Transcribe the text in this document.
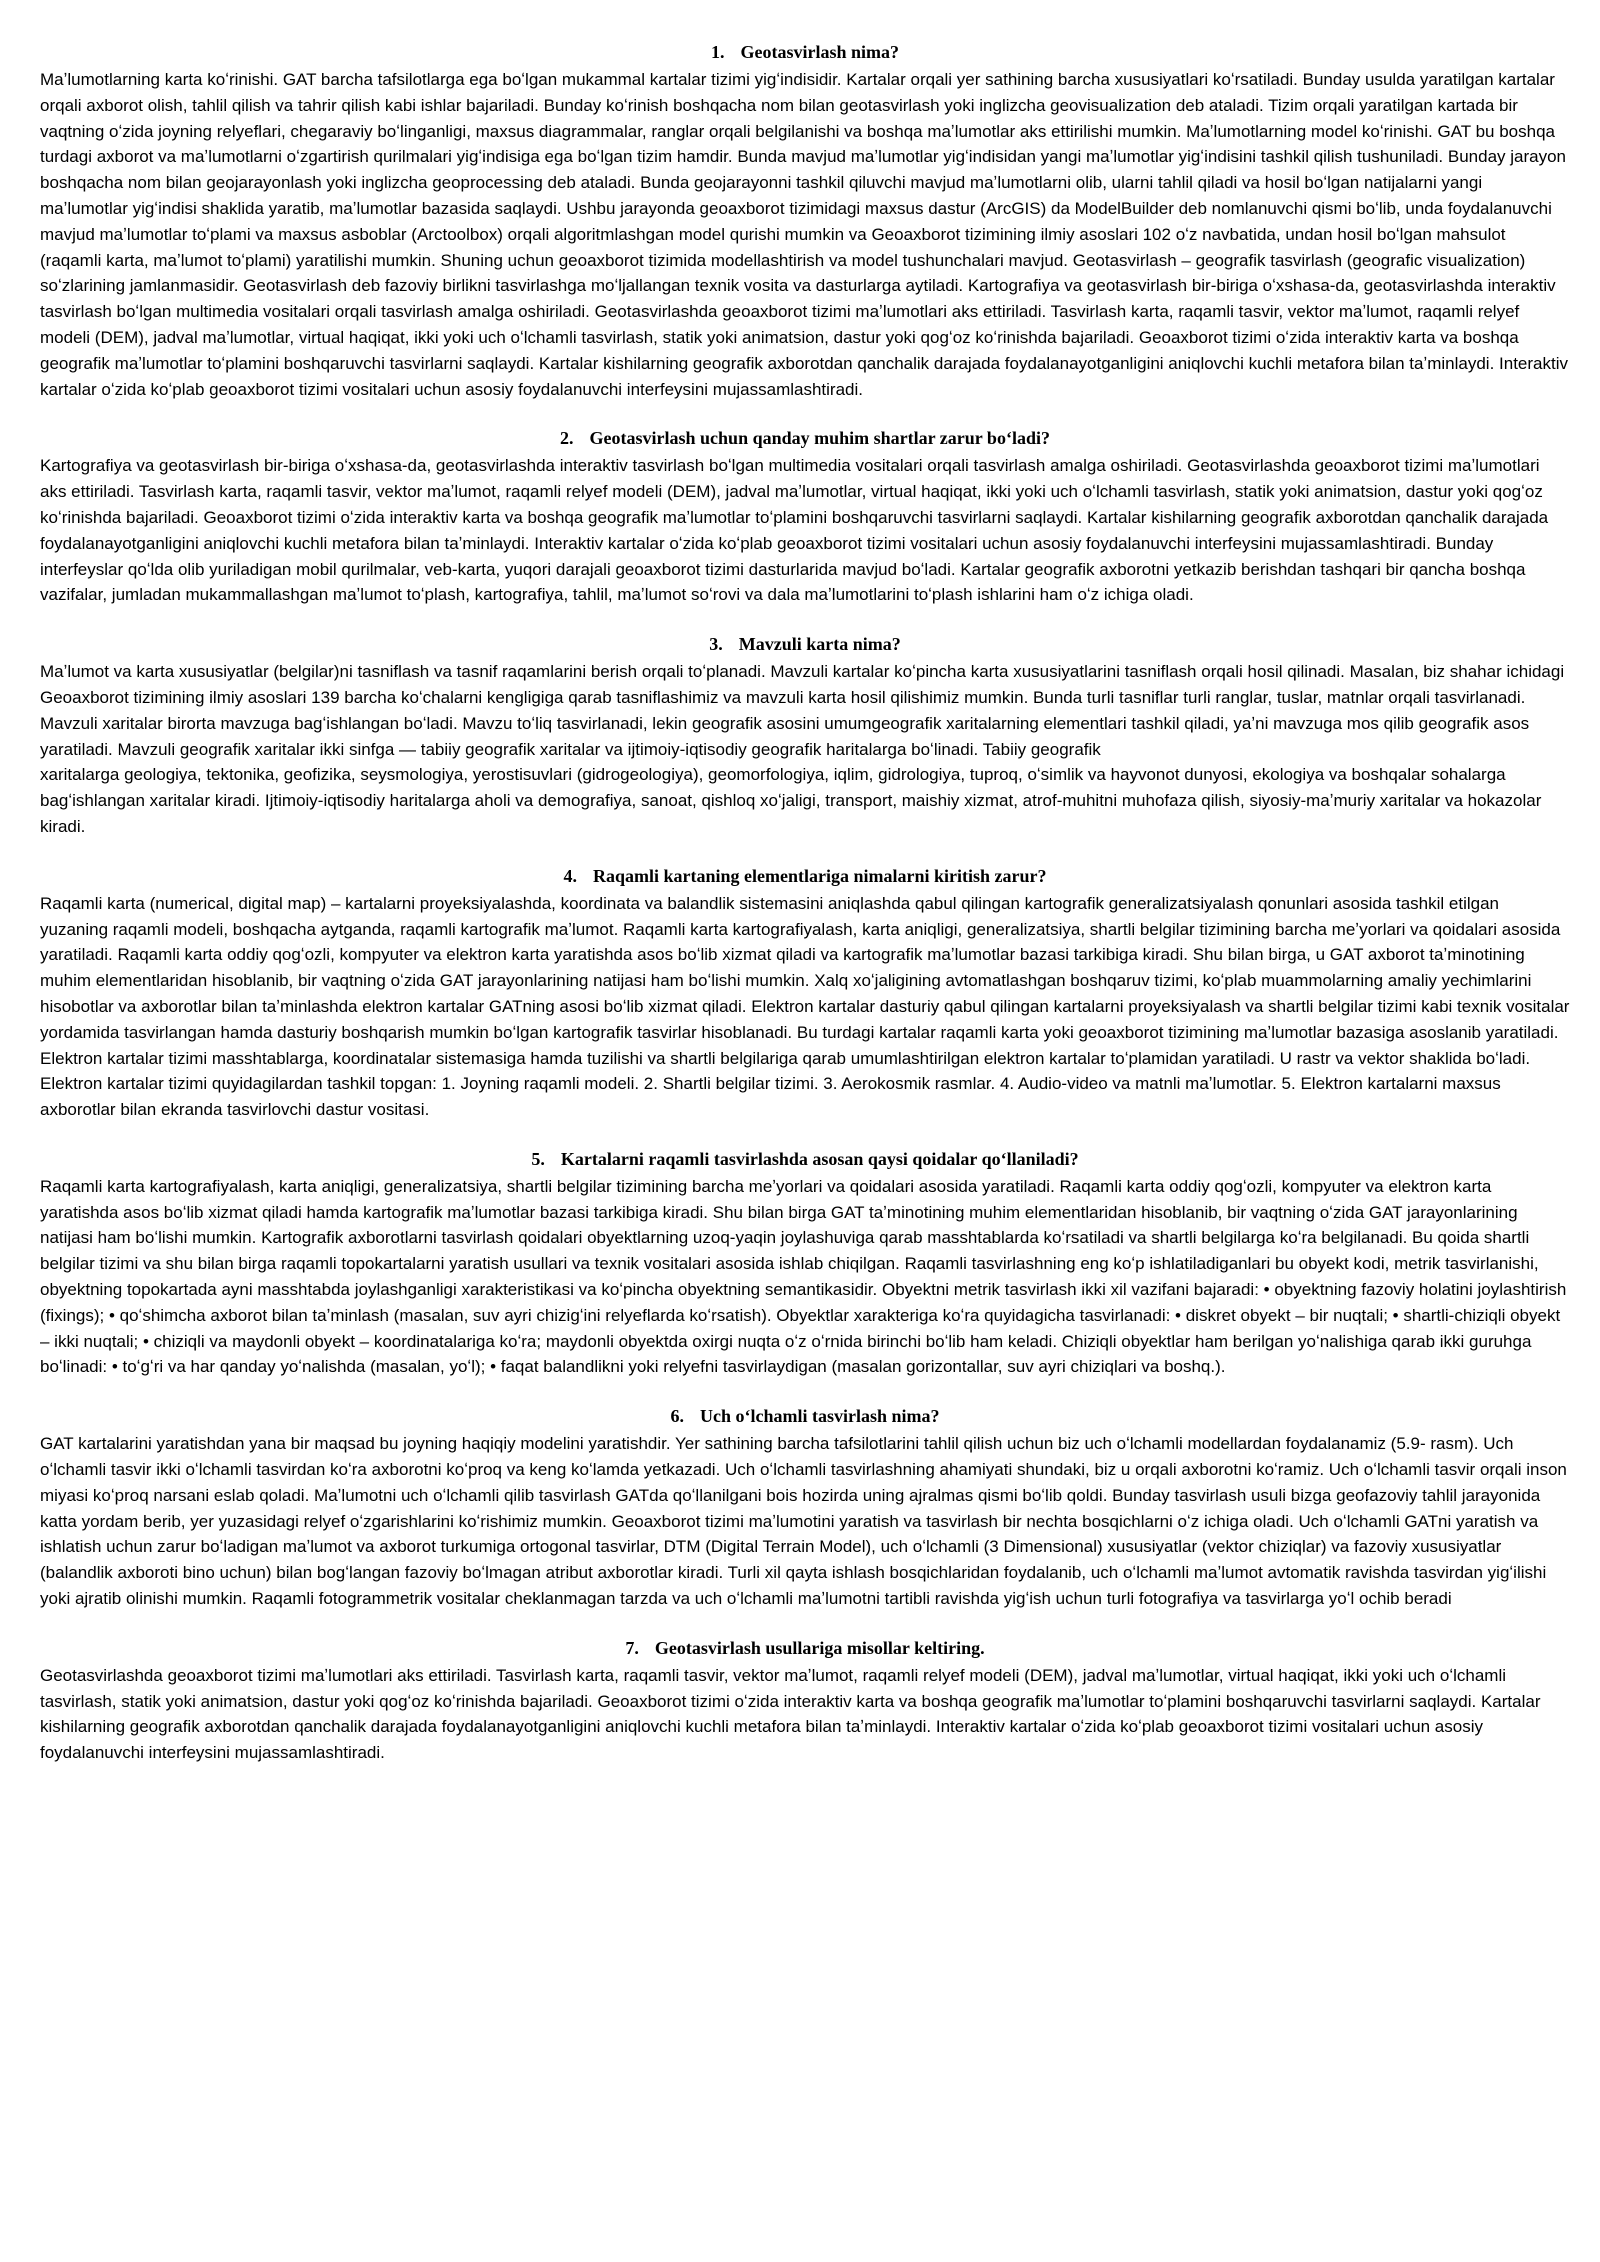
1. Geotasvirlash nima?

Maʼlumotlarning karta koʻrinishi. GAT barcha tafsilotlarga ega boʻlgan mukammal kartalar tizimi yigʻindisidir. Kartalar orqali yer sathining barcha xususiyatlari koʻrsatiladi. Bunday usulda yaratilgan kartalar orqali axborot olish, tahlil qilish va tahrir qilish kabi ishlar bajariladi. Bunday koʻrinish boshqacha nom bilan geotasvirlash yoki inglizcha geovisualization deb ataladi. Tizim orqali yaratilgan kartada bir vaqtning oʻzida joyning relyeflari, chegaraviy boʻlinganligi, maxsus diagrammalar, ranglar orqali belgilanishi va boshqa maʼlumotlar aks ettirilishi mumkin. Maʼlumotlarning model koʻrinishi. GAT bu boshqa turdagi axborot va maʼlumotlarni oʻzgartirish qurilmalari yigʻindisiga ega boʻlgan tizim hamdir. Bunda mavjud maʼlumotlar yigʻindisidan yangi maʼlumotlar yigʻindisini tashkil qilish tushuniladi. Bunday jarayon boshqacha nom bilan geojarayonlash yoki inglizcha geoprocessing deb ataladi. Bunda geojarayonni tashkil qiluvchi mavjud maʼlumotlarni olib, ularni tahlil qiladi va hosil boʻlgan natijalarni yangi maʼlumotlar yigʻindisi shaklida yaratib, maʼlumotlar bazasida saqlaydi. Ushbu jarayonda geoaxborot tizimidagi maxsus dastur (ArcGIS) da ModelBuilder deb nomlanuvchi qismi boʻlib, unda foydalanuvchi mavjud maʼlumotlar toʻplami va maxsus asboblar (Arctoolbox) orqali algoritmlashgan model qurishi mumkin va Geoaxborot tizimining ilmiy asoslari 102 oʻz navbatida, undan hosil boʻlgan mahsulot (raqamli karta, maʼlumot toʻplami) yaratilishi mumkin. Shuning uchun geoaxborot tizimida modellashtirish va model tushunchalari mavjud. Geotasvirlash – geografik tasvirlash (geografic visualization) soʻzlarining jamlanmasidir. Geotasvirlash deb fazoviy birlikni tasvirlashga moʻljallangan texnik vosita va dasturlarga aytiladi. Kartografiya va geotasvirlash bir-biriga oʻxshasa-da, geotasvirlashda interaktiv tasvirlash boʻlgan multimedia vositalari orqali tasvirlash amalga oshiriladi. Geotasvirlashda geoaxborot tizimi maʼlumotlari aks ettiriladi. Tasvirlash karta, raqamli tasvir, vektor maʼlumot, raqamli relyef modeli (DEM), jadval maʼlumotlar, virtual haqiqat, ikki yoki uch oʻlchamli tasvirlash, statik yoki animatsion, dastur yoki qogʻoz koʻrinishda bajariladi. Geoaxborot tizimi oʻzida interaktiv karta va boshqa geografik maʼlumotlar toʻplamini boshqaruvchi tasvirlarni saqlaydi. Kartalar kishilarning geografik axborotdan qanchalik darajada foydalanayotganligini aniqlovchi kuchli metafora bilan taʼminlaydi. Interaktiv kartalar oʻzida koʻplab geoaxborot tizimi vositalari uchun asosiy foydalanuvchi interfeysini mujassamlashtiradi.

2. Geotasvirlash uchun qanday muhim shartlar zarur boʻladi?

Kartografiya va geotasvirlash bir-biriga oʻxshasa-da, geotasvirlashda interaktiv tasvirlash boʻlgan multimedia vositalari orqali tasvirlash amalga oshiriladi. Geotasvirlashda geoaxborot tizimi maʼlumotlari aks ettiriladi. Tasvirlash karta, raqamli tasvir, vektor maʼlumot, raqamli relyef modeli (DEM), jadval maʼlumotlar, virtual haqiqat, ikki yoki uch oʻlchamli tasvirlash, statik yoki animatsion, dastur yoki qogʻoz koʻrinishda bajariladi. Geoaxborot tizimi oʻzida interaktiv karta va boshqa geografik maʼlumotlar toʻplamini boshqaruvchi tasvirlarni saqlaydi. Kartalar kishilarning geografik axborotdan qanchalik darajada foydalanayotganligini aniqlovchi kuchli metafora bilan taʼminlaydi. Interaktiv kartalar oʻzida koʻplab geoaxborot tizimi vositalari uchun asosiy foydalanuvchi interfeysini mujassamlashtiradi. Bunday interfeyslar qoʻlda olib yuriladigan mobil qurilmalar, veb-karta, yuqori darajali geoaxborot tizimi dasturlarida mavjud boʻladi. Kartalar geografik axborotni yetkazib berishdan tashqari bir qancha boshqa vazifalar, jumladan mukammallashgan maʼlumot toʻplash, kartografiya, tahlil, maʼlumot soʻrovi va dala maʼlumotlarini toʻplash ishlarini ham oʻz ichiga oladi.

3. Mavzuli karta nima?

Maʼlumot va karta xususiyatlar (belgilar)ni tasniflash va tasnif raqamlarini berish orqali toʻplanadi. Mavzuli kartalar koʻpincha karta xususiyatlarini tasniflash orqali hosil qilinadi. Masalan, biz shahar ichidagi Geoaxborot tizimining ilmiy asoslari 139 barcha koʻchalarni kengligiga qarab tasniflashimiz va mavzuli karta hosil qilishimiz mumkin. Bunda turli tasniflar turli ranglar, tuslar, matnlar orqali tasvirlanadi. Mavzuli xaritalar birorta mavzuga bagʻishlangan boʻladi. Mavzu toʻliq tasvirlanadi, lekin geografik asosini umumgeografik xaritalarning elementlari tashkil qiladi, yaʼni mavzuga mos qilib geografik asos yaratiladi. Mavzuli geografik xaritalar ikki sinfga — tabiiy geografik xaritalar va ijtimoiy-iqtisodiy geografik haritalarga boʻlinadi. Tabiiy geografik
xaritalarga geologiya, tektonika, geofizika, seysmologiya, yerostisuvlari (gidrogeologiya), geomorfologiya, iqlim, gidrologiya, tuproq, oʻsimlik va hayvonot dunyosi, ekologiya va boshqalar sohalarga bagʻishlangan xaritalar kiradi. Ijtimoiy-iqtisodiy haritalarga aholi va demografiya, sanoat, qishloq xoʻjaligi, transport, maishiy xizmat, atrof-muhitni muhofaza qilish, siyosiy-maʼmuriy xaritalar va hokazolar kiradi.

4. Raqamli kartaning elementlariga nimalarni kiritish zarur?

Raqamli karta (numerical, digital map) – kartalarni proyeksiyalashda, koordinata va balandlik sistemasini aniqlashda qabul qilingan kartografik generalizatsiyalash qonunlari asosida tashkil etilgan yuzaning raqamli modeli, boshqacha aytganda, raqamli kartografik maʼlumot. Raqamli karta kartografiyalash, karta aniqligi, generalizatsiya, shartli belgilar tizimining barcha meʼyorlari va qoidalari asosida yaratiladi. Raqamli karta oddiy qogʻozli, kompyuter va elektron karta yaratishda asos boʻlib xizmat qiladi va kartografik maʼlumotlar bazasi tarkibiga kiradi. Shu bilan birga, u GAT axborot taʼminotining muhim elementlaridan hisoblanib, bir vaqtning oʻzida GAT jarayonlarining natijasi ham boʻlishi mumkin. Xalq xoʻjaligining avtomatlashgan boshqaruv tizimi, koʻplab muammolarning amaliy yechimlarini hisobotlar va axborotlar bilan taʼminlashda elektron kartalar GATning asosi boʻlib xizmat qiladi. Elektron kartalar dasturiy qabul qilingan kartalarni proyeksiyalash va shartli belgilar tizimi kabi texnik vositalar yordamida tasvirlangan hamda dasturiy boshqarish mumkin boʻlgan kartografik tasvirlar hisoblanadi. Bu turdagi kartalar raqamli karta yoki geoaxborot tizimining maʼlumotlar bazasiga asoslanib yaratiladi. Elektron kartalar tizimi masshtablarga, koordinatalar sistemasiga hamda tuzilishi va shartli belgilariga qarab umumlashtirilgan elektron kartalar toʻplamidan yaratiladi. U rastr va vektor shaklida boʻladi. Elektron kartalar tizimi quyidagilardan tashkil topgan: 1. Joyning raqamli modeli. 2. Shartli belgilar tizimi. 3. Aerokosmik rasmlar. 4. Audio-video va matnli maʼlumotlar. 5. Elektron kartalarni maxsus axborotlar bilan ekranda tasvirlovchi dastur vositasi.

5. Kartalarni raqamli tasvirlashda asosan qaysi qoidalar qoʻllaniladi?

Raqamli karta kartografiyalash, karta aniqligi, generalizatsiya, shartli belgilar tizimining barcha meʼyorlari va qoidalari asosida yaratiladi. Raqamli karta oddiy qogʻozli, kompyuter va elektron karta yaratishda asos boʻlib xizmat qiladi hamda kartografik maʼlumotlar bazasi tarkibiga kiradi. Shu bilan birga GAT taʼminotining muhim elementlaridan hisoblanib, bir vaqtning oʻzida GAT jarayonlarining natijasi ham boʻlishi mumkin. Kartografik axborotlarni tasvirlash qoidalari obyektlarning uzoq-yaqin joylashuviga qarab masshtablarda koʻrsatiladi va shartli belgilarga koʻra belgilanadi. Bu qoida shartli belgilar tizimi va shu bilan birga raqamli topokartalarni yaratish usullari va texnik vositalari asosida ishlab chiqilgan. Raqamli tasvirlashning eng koʻp ishlatiladiganlari bu obyekt kodi, metrik tasvirlanishi, obyektning topokartada ayni masshtabda joylashganligi xarakteristikasi va koʻpincha obyektning semantikasidir. Obyektni metrik tasvirlash ikki xil vazifani bajaradi: • obyektning fazoviy holatini joylashtirish (fixings); • qoʻshimcha axborot bilan taʼminlash (masalan, suv ayri chizigʻini relyeflarda koʻrsatish). Obyektlar xarakteriga koʻra quyidagicha tasvirlanadi: • diskret obyekt – bir nuqtali; • shartli-chiziqli obyekt – ikki nuqtali; • chiziqli va maydonli obyekt – koordinatalariga koʻra; maydonli obyektda oxirgi nuqta oʻz oʻrnida birinchi boʻlib ham keladi. Chiziqli obyektlar ham berilgan yoʻnalishiga qarab ikki guruhga boʻlinadi: • toʻgʻri va har qanday yoʻnalishda (masalan, yoʻl); • faqat balandlikni yoki relyefni tasvirlaydigan (masalan gorizontallar, suv ayri chiziqlari va boshq.).

6. Uch oʻlchamli tasvirlash nima?

GAT kartalarini yaratishdan yana bir maqsad bu joyning haqiqiy modelini yaratishdir. Yer sathining barcha tafsilotlarini tahlil qilish uchun biz uch oʻlchamli modellardan foydalanamiz (5.9- rasm). Uch oʻlchamli tasvir ikki oʻlchamli tasvirdan koʻra axborotni koʻproq va keng koʻlamda yetkazadi. Uch oʻlchamli tasvirlashning ahamiyati shundaki, biz u orqali axborotni koʻramiz. Uch oʻlchamli tasvir orqali inson miyasi koʻproq narsani eslab qoladi. Maʼlumotni uch oʻlchamli qilib tasvirlash GATda qoʻllanilgani bois hozirda uning ajralmas qismi boʻlib qoldi. Bunday tasvirlash usuli bizga geofazoviy tahlil jarayonida katta yordam berib, yer yuzasidagi relyef oʻzgarishlarini koʻrishimiz mumkin. Geoaxborot tizimi maʼlumotini yaratish va tasvirlash bir nechta bosqichlarni oʻz ichiga oladi. Uch oʻlchamli GATni yaratish va ishlatish uchun zarur boʻladigan maʼlumot va axborot turkumiga ortogonal tasvirlar, DTM (Digital Terrain Model), uch oʻlchamli (3 Dimensional) xususiyatlar (vektor chiziqlar) va fazoviy xususiyatlar (balandlik axboroti bino uchun) bilan bogʻlangan fazoviy boʻlmagan atribut axborotlar kiradi. Turli xil qayta ishlash bosqichlaridan foydalanib, uch oʻlchamli maʼlumot avtomatik ravishda tasvirdan yigʻilishi yoki ajratib olinishi mumkin. Raqamli fotogrammetrik vositalar cheklanmagan tarzda va uch oʻlchamli maʼlumotni tartibli ravishda yigʻish uchun turli fotografiya va tasvirlarga yoʻl ochib beradi

7. Geotasvirlash usullariga misollar keltiring.

Geotasvirlashda geoaxborot tizimi maʼlumotlari aks ettiriladi. Tasvirlash karta, raqamli tasvir, vektor maʼlumot, raqamli relyef modeli (DEM), jadval maʼlumotlar, virtual haqiqat, ikki yoki uch oʻlchamli tasvirlash, statik yoki animatsion, dastur yoki qogʻoz koʻrinishda bajariladi. Geoaxborot tizimi oʻzida interaktiv karta va boshqa geografik maʼlumotlar toʻplamini boshqaruvchi tasvirlarni saqlaydi. Kartalar kishilarning geografik axborotdan qanchalik darajada foydalanayotganligini aniqlovchi kuchli metafora bilan taʼminlaydi. Interaktiv kartalar oʻzida koʻplab geoaxborot tizimi vositalari uchun asosiy foydalanuvchi interfeysini mujassamlashtiradi.
